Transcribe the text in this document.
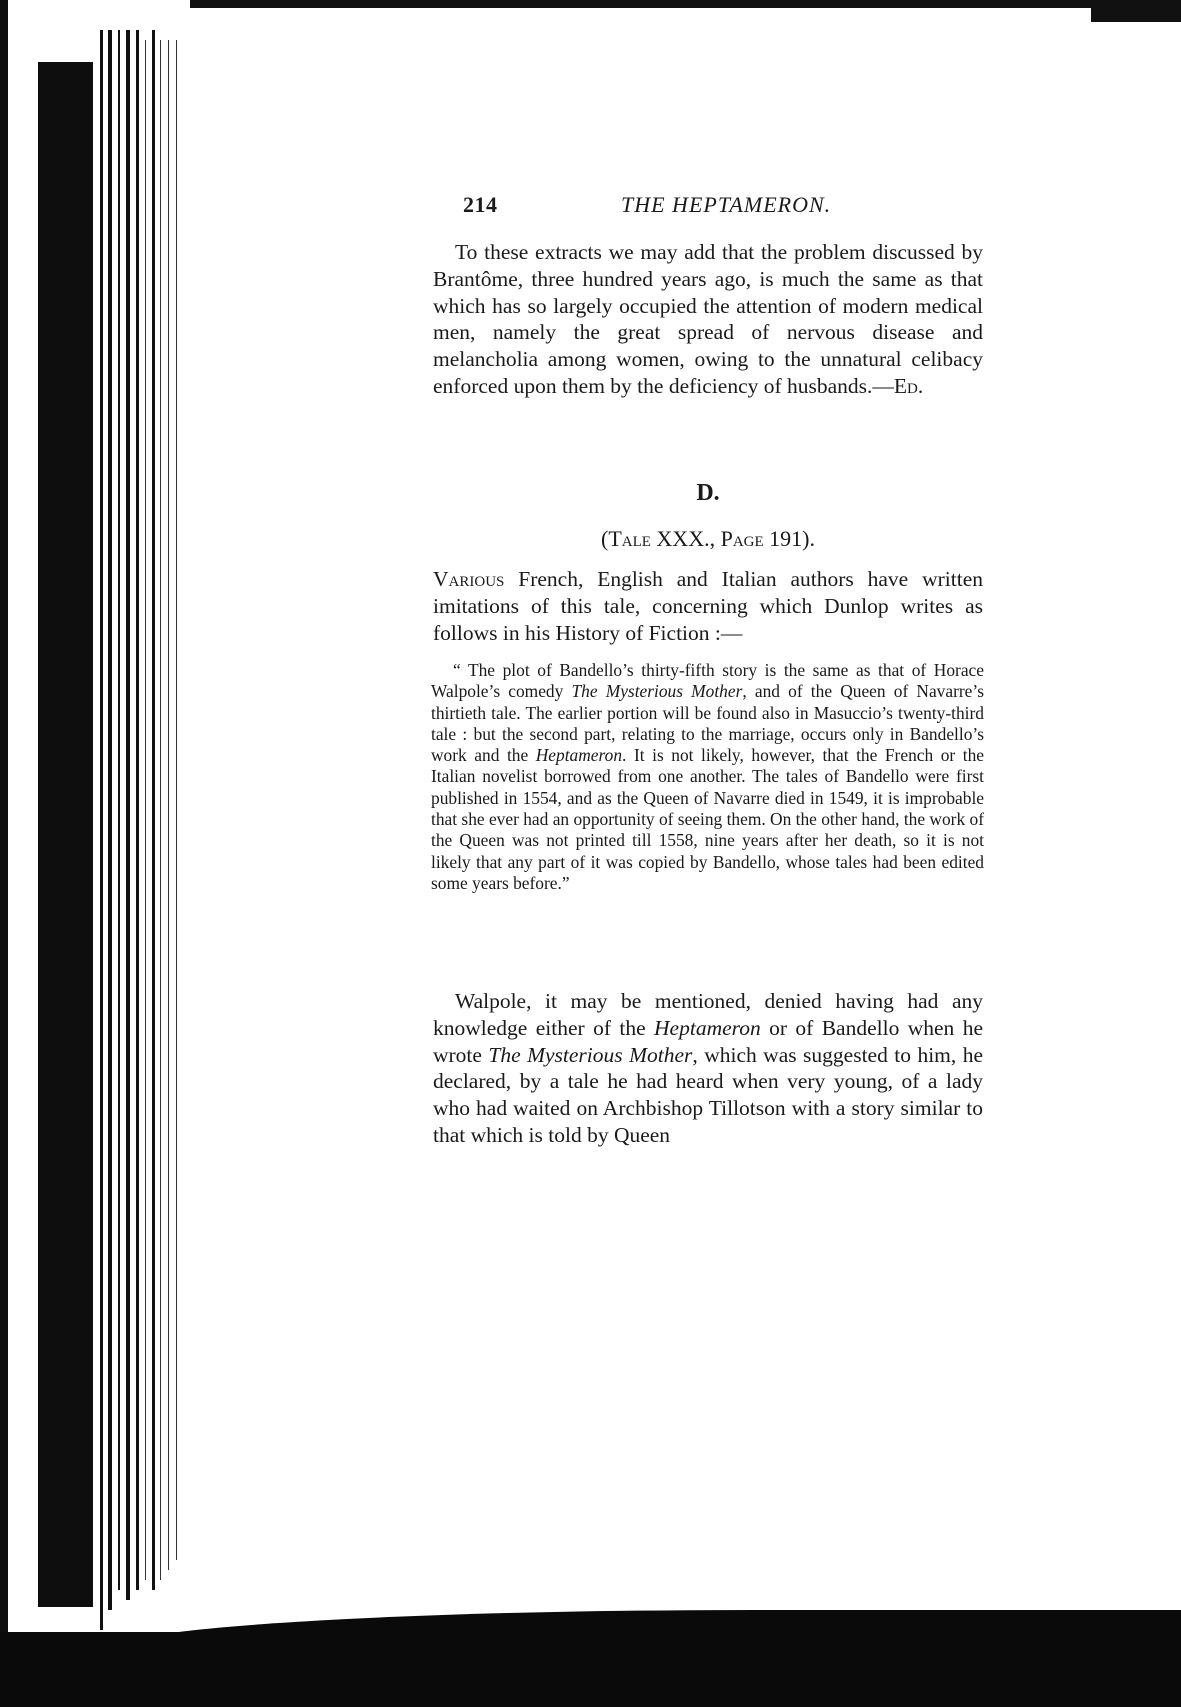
214	THE HEPTAMERON.

To these extracts we may add that the problem discussed by Brantôme, three hundred years ago, is much the same as that which has so largely occupied the attention of modern medical men, namely the great spread of nervous disease and melancholia among women, owing to the unnatural celibacy enforced upon them by the deficiency of husbands.—Ed.

D.
(Tale XXX., Page 191).

Various French, English and Italian authors have written imitations of this tale, concerning which Dunlop writes as follows in his History of Fiction :—

“ The plot of Bandello’s thirty-fifth story is the same as that of Horace Walpole’s comedy The Mysterious Mother, and of the Queen of Navarre’s thirtieth tale. The earlier portion will be found also in Masuccio’s twenty-third tale : but the second part, relating to the marriage, occurs only in Bandello’s work and the Heptameron. It is not likely, however, that the French or the Italian novelist borrowed from one another. The tales of Bandello were first published in 1554, and as the Queen of Navarre died in 1549, it is improbable that she ever had an opportunity of seeing them. On the other hand, the work of the Queen was not printed till 1558, nine years after her death, so it is not likely that any part of it was copied by Bandello, whose tales had been edited some years before.”

Walpole, it may be mentioned, denied having had any knowledge either of the Heptameron or of Bandello when he wrote The Mysterious Mother, which was suggested to him, he declared, by a tale he had heard when very young, of a lady who had waited on Archbishop Tillotson with a story similar to that which is told by Queen
